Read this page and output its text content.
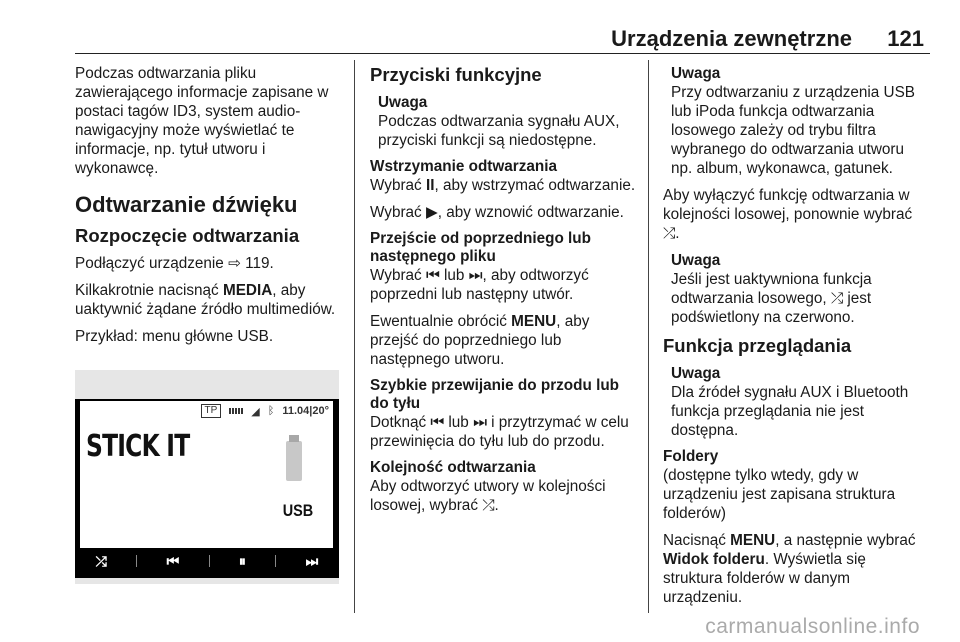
Urządzenia zewnętrzne 121

Podczas odtwarzania pliku zawierającego informacje zapisane w postaci tagów ID3, system audio-nawigacyjny może wyświetlać te informacje, np. tytuł utworu i wykonawcę.

Odtwarzanie dźwięku
Rozpoczęcie odtwarzania

Podłączyć urządzenie ⇨ 119.

Kilkakrotnie nacisnąć MEDIA, aby uaktywnić żądane źródło multimediów.

Przykład: menu główne USB.

TP	◢ ᛒ 11.04|20°
STICK IT
USB
⤮	⏮	⏸	⏭
Przyciski funkcyjne
Uwaga
Podczas odtwarzania sygnału AUX, przyciski funkcji są niedostępne.

Wstrzymanie odtwarzania

Wybrać II, aby wstrzymać odtwarzanie.

Wybrać ▶, aby wznowić odtwarzanie.

Przejście od poprzedniego lub następnego pliku

Wybrać ⏮ lub ⏭, aby odtworzyć poprzedni lub następny utwór.

Ewentualnie obrócić MENU, aby przejść do poprzedniego lub następnego utworu.

Szybkie przewijanie do przodu lub do tyłu

Dotknąć ⏮ lub ⏭ i przytrzymać w celu przewinięcia do tyłu lub do przodu.

Kolejność odtwarzania

Aby odtworzyć utwory w kolejności losowej, wybrać ⤮.

Uwaga
Przy odtwarzaniu z urządzenia USB lub iPoda funkcja odtwarzania losowego zależy od trybu filtra wybranego do odtwarzania utworu np. album, wykonawca, gatunek.

Aby wyłączyć funkcję odtwarzania w kolejności losowej, ponownie wybrać ⤮.

Uwaga
Jeśli jest uaktywniona funkcja odtwarzania losowego, ⤮ jest podświetlony na czerwono.
Funkcja przeglądania
Uwaga
Dla źródeł sygnału AUX i Bluetooth funkcja przeglądania nie jest dostępna.

Foldery

(dostępne tylko wtedy, gdy w urządzeniu jest zapisana struktura folderów)

Nacisnąć MENU, a następnie wybrać Widok folderu. Wyświetla się struktura folderów w danym urządzeniu.

carmanualsonline.info
